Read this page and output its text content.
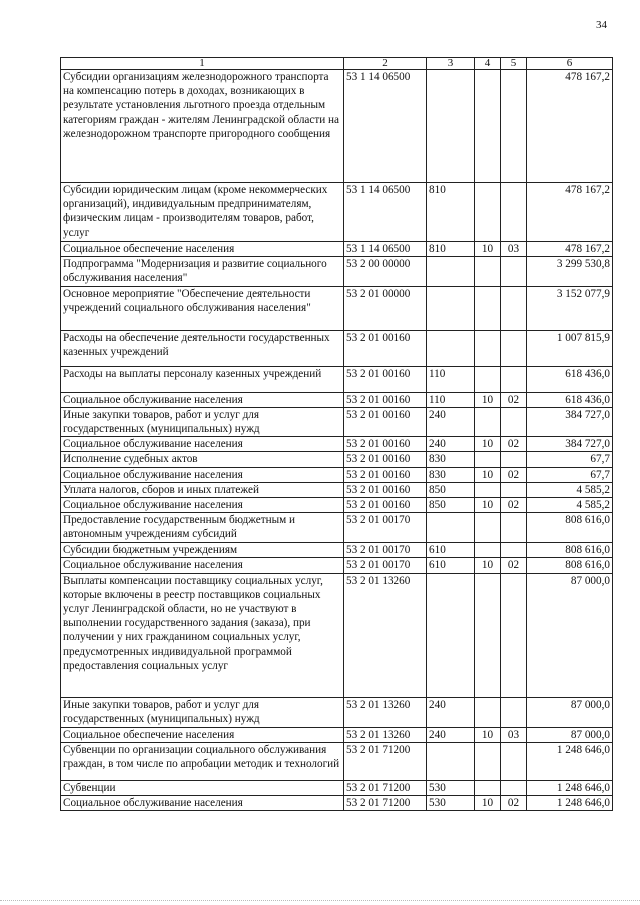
34
1	2	3	4	5	6
Субсидии организациям железнодорожного транспорта на компенсацию потерь в доходах, возникающих в результате установления льготного проезда отдельным категориям граждан - жителям Ленинградской области на железнодорожном транспорте пригородного сообщения	53 1 14 06500				478 167,2
Субсидии юридическим лицам (кроме некоммерческих организаций), индивидуальным предпринимателям, физическим лицам - производителям товаров, работ, услуг	53 1 14 06500	810			478 167,2
Социальное обеспечение населения	53 1 14 06500	810	10	03	478 167,2
Подпрограмма "Модернизация и развитие социального обслуживания населения"	53 2 00 00000				3 299 530,8
Основное мероприятие "Обеспечение деятельности учреждений социального обслуживания населения"	53 2 01 00000				3 152 077,9
Расходы на обеспечение деятельности государственных казенных учреждений	53 2 01 00160				1 007 815,9
Расходы на выплаты персоналу казенных учреждений	53 2 01 00160	110			618 436,0
Социальное обслуживание населения	53 2 01 00160	110	10	02	618 436,0
Иные закупки товаров, работ и услуг для государственных (муниципальных) нужд	53 2 01 00160	240			384 727,0
Социальное обслуживание населения	53 2 01 00160	240	10	02	384 727,0
Исполнение судебных актов	53 2 01 00160	830			67,7
Социальное обслуживание населения	53 2 01 00160	830	10	02	67,7
Уплата налогов, сборов и иных платежей	53 2 01 00160	850			4 585,2
Социальное обслуживание населения	53 2 01 00160	850	10	02	4 585,2
Предоставление государственным бюджетным и автономным учреждениям субсидий	53 2 01 00170				808 616,0
Субсидии бюджетным учреждениям	53 2 01 00170	610			808 616,0
Социальное обслуживание населения	53 2 01 00170	610	10	02	808 616,0
Выплаты компенсации поставщику социальных услуг, которые включены в реестр поставщиков социальных услуг Ленинградской области, но не участвуют в выполнении государственного задания (заказа), при получении у них гражданином социальных услуг, предусмотренных индивидуальной программой предоставления социальных услуг	53 2 01 13260				87 000,0
Иные закупки товаров, работ и услуг для государственных (муниципальных) нужд	53 2 01 13260	240			87 000,0
Социальное обеспечение населения	53 2 01 13260	240	10	03	87 000,0
Субвенции по организации социального обслуживания граждан, в том числе по апробации методик и технологий	53 2 01 71200				1 248 646,0
Субвенции	53 2 01 71200	530			1 248 646,0
Социальное обслуживание населения	53 2 01 71200	530	10	02	1 248 646,0
